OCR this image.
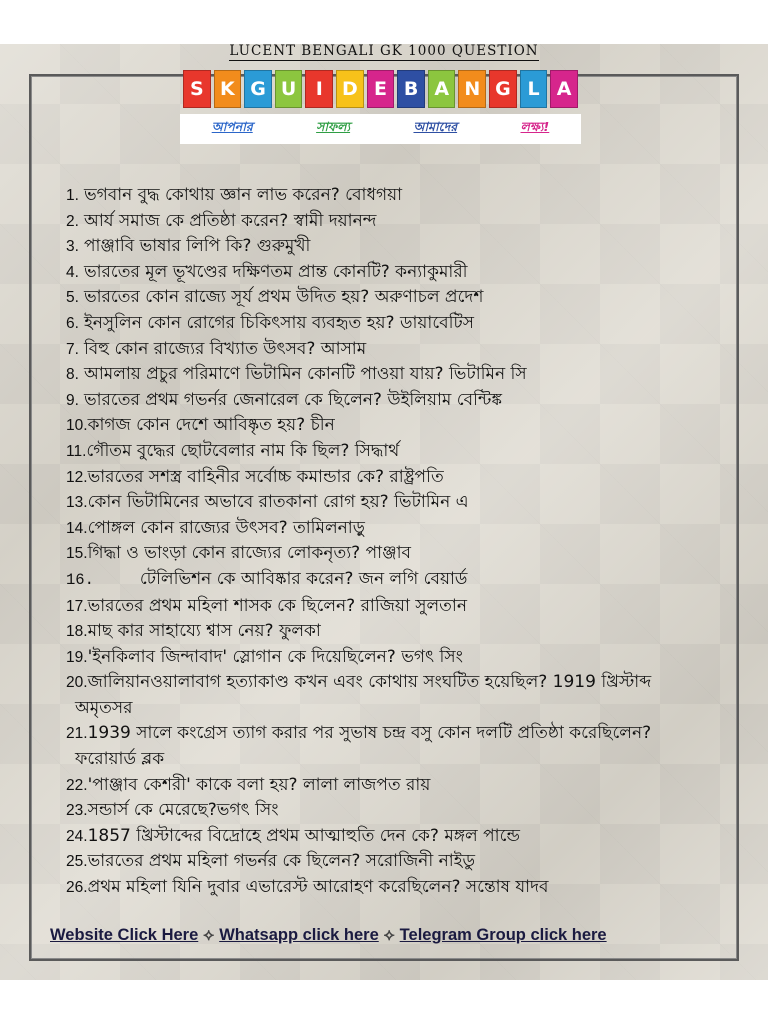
LUCENT BENGALI GK 1000 QUESTION
S K G U	I	D E B A N G L A
আপনার	সাফল্য	আমাদের	লক্ষ্য!
1. ভগবান বুদ্ধ কোথায় জ্ঞান লাভ করেন? বোধগয়া
2. আর্য সমাজ কে প্রতিষ্ঠা করেন? স্বামী দয়ানন্দ
3. পাঞ্জাবি ভাষার লিপি কি? গুরুমুখী
4. ভারতের মূল ভূখণ্ডের দক্ষিণতম প্রান্ত কোনটি? কন্যাকুমারী
5. ভারতের কোন রাজ্যে সূর্য প্রথম উদিত হয়? অরুণাচল প্রদেশ
6. ইনসুলিন কোন রোগের চিকিৎসায় ব্যবহৃত হয়? ডায়াবেটিস
7. বিহু কোন রাজ্যের বিখ্যাত উৎসব? আসাম
8. আমলায় প্রচুর পরিমাণে ভিটামিন কোনটি পাওয়া যায়? ভিটামিন সি
9. ভারতের প্রথম গভর্নর জেনারেল কে ছিলেন? উইলিয়াম বেন্টিঙ্ক
10.কাগজ কোন দেশে আবিষ্কৃত হয়? চীন
11.গৌতম বুদ্ধের ছোটবেলার নাম কি ছিল? সিদ্ধার্থ
12.ভারতের সশস্ত্র বাহিনীর সর্বোচ্চ কমান্ডার কে? রাষ্ট্রপতি
13.কোন ভিটামিনের অভাবে রাতকানা রোগ হয়? ভিটামিন এ
14.পোঙ্গল কোন রাজ্যের উৎসব? তামিলনাড়ু
15.গিদ্ধা ও ভাংড়া কোন রাজ্যের লোকনৃত্য? পাঞ্জাব
16.	টেলিভিশন কে আবিষ্কার করেন? জন লগি বেয়ার্ড
17.ভারতের প্রথম মহিলা শাসক কে ছিলেন? রাজিয়া সুলতান
18.মাছ কার সাহায্যে শ্বাস নেয়? ফুলকা
19.'ইনকিলাব জিন্দাবাদ' স্লোগান কে দিয়েছিলেন? ভগৎ সিং
20.জালিয়ানওয়ালাবাগ হত্যাকাণ্ড কখন এবং কোথায় সংঘটিত হয়েছিল? 1919 খ্রিস্টাব্দ
অমৃতসর
21.1939 সালে কংগ্রেস ত্যাগ করার পর সুভাষ চন্দ্র বসু কোন দলটি প্রতিষ্ঠা করেছিলেন?
ফরোয়ার্ড ব্লক
22.'পাঞ্জাব কেশরী' কাকে বলা হয়? লালা লাজপত রায়
23.সন্ডার্স কে মেরেছে?ভগৎ সিং
24.1857 খ্রিস্টাব্দের বিদ্রোহে প্রথম আত্মাহুতি দেন কে? মঙ্গল পান্ডে
25.ভারতের প্রথম মহিলা গভর্নর কে ছিলেন? সরোজিনী নাইডু
26.প্রথম মহিলা যিনি দুবার এভারেস্ট আরোহণ করেছিলেন? সন্তোষ যাদব
Website Click Here ⟡ Whatsapp click here ⟡ Telegram Group click here
